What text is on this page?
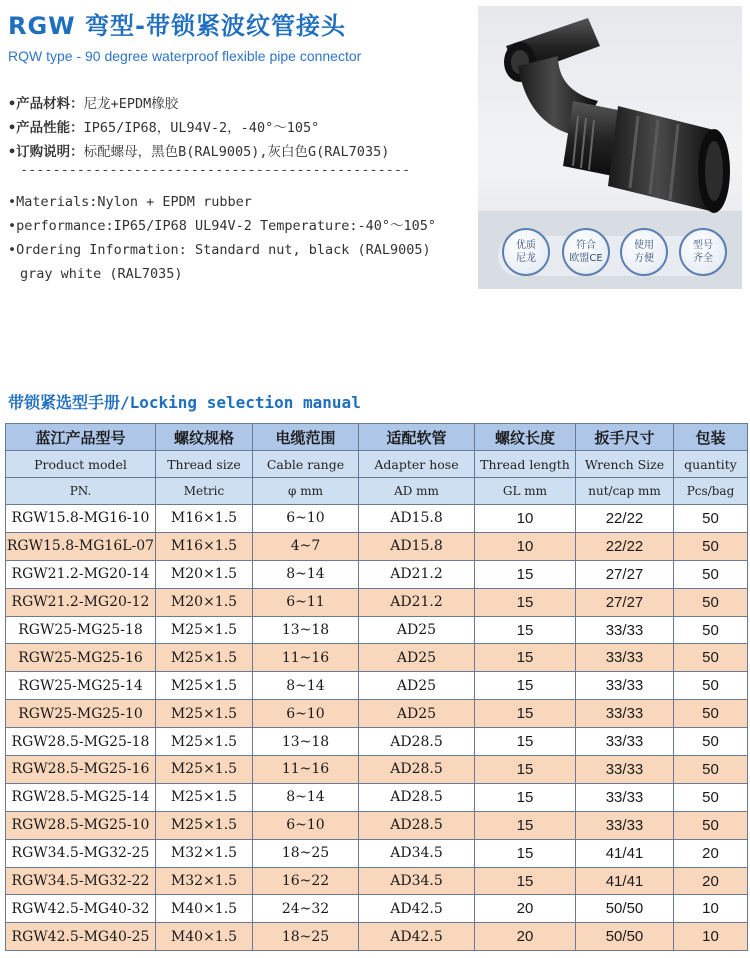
RGW 弯型-带锁紧波纹管接头
RQW type - 90 degree waterproof flexible pipe connector
•产品材料：尼龙+EPDM橡胶
•产品性能：IP65/IP68，UL94V-2，-40°～105°
•订购说明：标配螺母，黑色B(RAL9005),灰白色G(RAL7035)
------------------------------------------------
•Materials:Nylon + EPDM rubber
•performance:IP65/IP68 UL94V-2 Temperature:-40°～105°
•Ordering Information: Standard nut, black (RAL9005)
gray white (RAL7035)
优质
尼龙
符合
欧盟CE
使用
方便
型号
齐全
带锁紧选型手册/Locking selection manual
蓝江产品型号	螺纹规格	电缆范围	适配软管	螺纹长度	扳手尺寸	包装
Product model	Thread size	Cable range	Adapter hose	Thread length	Wrench Size	quantity
PN.	Metric	φ mm	AD mm	GL mm	nut/cap mm	Pcs/bag
RGW15.8-MG16-10	M16×1.5	6~10	AD15.8	10	22/22	50
RGW15.8-MG16L-07	M16×1.5	4~7	AD15.8	10	22/22	50
RGW21.2-MG20-14	M20×1.5	8~14	AD21.2	15	27/27	50
RGW21.2-MG20-12	M20×1.5	6~11	AD21.2	15	27/27	50
RGW25-MG25-18	M25×1.5	13~18	AD25	15	33/33	50
RGW25-MG25-16	M25×1.5	11~16	AD25	15	33/33	50
RGW25-MG25-14	M25×1.5	8~14	AD25	15	33/33	50
RGW25-MG25-10	M25×1.5	6~10	AD25	15	33/33	50
RGW28.5-MG25-18	M25×1.5	13~18	AD28.5	15	33/33	50
RGW28.5-MG25-16	M25×1.5	11~16	AD28.5	15	33/33	50
RGW28.5-MG25-14	M25×1.5	8~14	AD28.5	15	33/33	50
RGW28.5-MG25-10	M25×1.5	6~10	AD28.5	15	33/33	50
RGW34.5-MG32-25	M32×1.5	18~25	AD34.5	15	41/41	20
RGW34.5-MG32-22	M32×1.5	16~22	AD34.5	15	41/41	20
RGW42.5-MG40-32	M40×1.5	24~32	AD42.5	20	50/50	10
RGW42.5-MG40-25	M40×1.5	18~25	AD42.5	20	50/50	10
